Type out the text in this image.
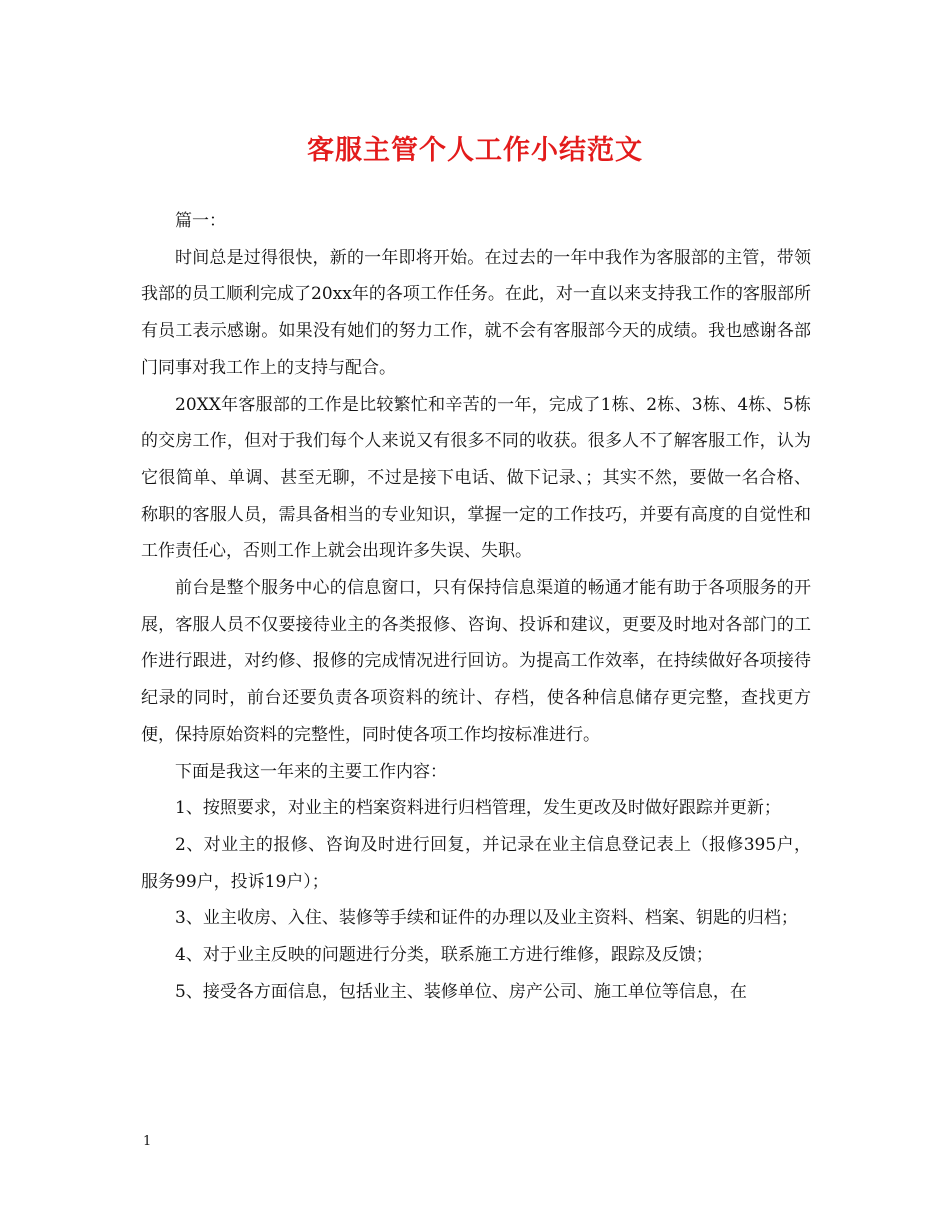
客服主管个人工作小结范文

篇一：

时间总是过得很快，新的一年即将开始。在过去的一年中我作为客服部的主管，带领我部的员工顺利完成了20xx年的各项工作任务。在此，对一直以来支持我工作的客服部所有员工表示感谢。如果没有她们的努力工作，就不会有客服部今天的成绩。我也感谢各部门同事对我工作上的支持与配合。

20XX年客服部的工作是比较繁忙和辛苦的一年，完成了1栋、2栋、3栋、4栋、5栋的交房工作，但对于我们每个人来说又有很多不同的收获。很多人不了解客服工作，认为它很简单、单调、甚至无聊，不过是接下电话、做下记录、；其实不然，要做一名合格、称职的客服人员，需具备相当的专业知识，掌握一定的工作技巧，并要有高度的自觉性和工作责任心，否则工作上就会出现许多失误、失职。

前台是整个服务中心的信息窗口，只有保持信息渠道的畅通才能有助于各项服务的开展，客服人员不仅要接待业主的各类报修、咨询、投诉和建议，更要及时地对各部门的工作进行跟进，对约修、报修的完成情况进行回访。为提高工作效率，在持续做好各项接待纪录的同时，前台还要负责各项资料的统计、存档，使各种信息储存更完整，查找更方便，保持原始资料的完整性，同时使各项工作均按标准进行。

下面是我这一年来的主要工作内容：

1、按照要求，对业主的档案资料进行归档管理，发生更改及时做好跟踪并更新；

2、对业主的报修、咨询及时进行回复，并记录在业主信息登记表上（报修395户，服务99户，投诉19户）；

3、业主收房、入住、装修等手续和证件的办理以及业主资料、档案、钥匙的归档；

4、对于业主反映的问题进行分类，联系施工方进行维修，跟踪及反馈；

5、接受各方面信息，包括业主、装修单位、房产公司、施工单位等信息，在

1
